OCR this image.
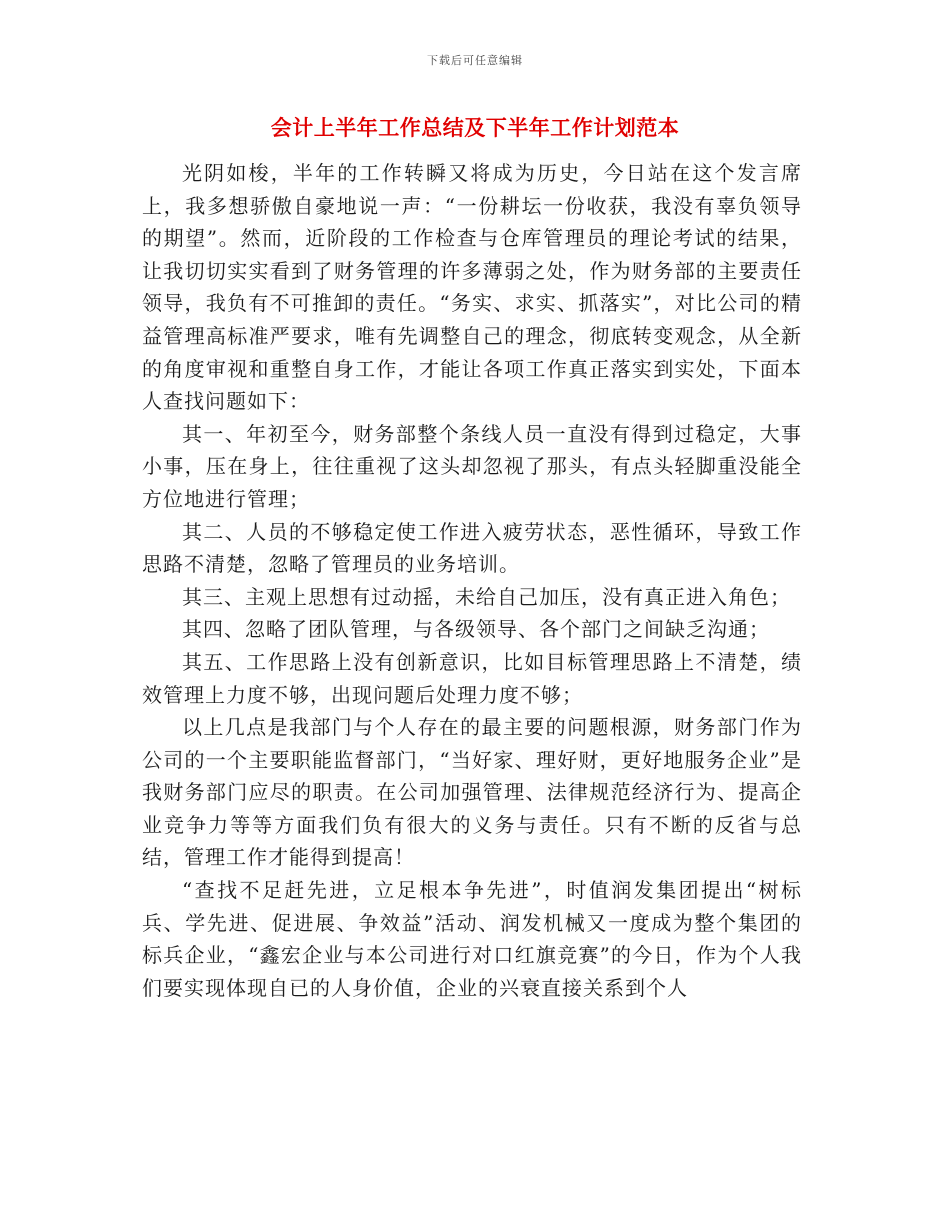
下载后可任意编辑
会计上半年工作总结及下半年工作计划范本

光阴如梭，半年的工作转瞬又将成为历史，今日站在这个发言席上，我多想骄傲自豪地说一声：“一份耕坛一份收获，我没有辜负领导的期望”。然而，近阶段的工作检查与仓库管理员的理论考试的结果，让我切切实实看到了财务管理的许多薄弱之处，作为财务部的主要责任领导，我负有不可推卸的责任。“务实、求实、抓落实”，对比公司的精益管理高标准严要求，唯有先调整自己的理念，彻底转变观念，从全新的角度审视和重整自身工作，才能让各项工作真正落实到实处，下面本人查找问题如下：

其一、年初至今，财务部整个条线人员一直没有得到过稳定，大事小事，压在身上，往往重视了这头却忽视了那头，有点头轻脚重没能全方位地进行管理；

其二、人员的不够稳定使工作进入疲劳状态，恶性循环，导致工作思路不清楚，忽略了管理员的业务培训。

其三、主观上思想有过动摇，未给自己加压，没有真正进入角色；

其四、忽略了团队管理，与各级领导、各个部门之间缺乏沟通；

其五、工作思路上没有创新意识，比如目标管理思路上不清楚，绩效管理上力度不够，出现问题后处理力度不够；

以上几点是我部门与个人存在的最主要的问题根源，财务部门作为公司的一个主要职能监督部门，“当好家、理好财，更好地服务企业”是我财务部门应尽的职责。在公司加强管理、法律规范经济行为、提高企业竞争力等等方面我们负有很大的义务与责任。只有不断的反省与总结，管理工作才能得到提高！

“查找不足赶先进，立足根本争先进”，时值润发集团提出“树标兵、学先进、促进展、争效益”活动、润发机械又一度成为整个集团的标兵企业，“鑫宏企业与本公司进行对口红旗竞赛”的今日，作为个人我们要实现体现自已的人身价值，企业的兴衰直接关系到个人
